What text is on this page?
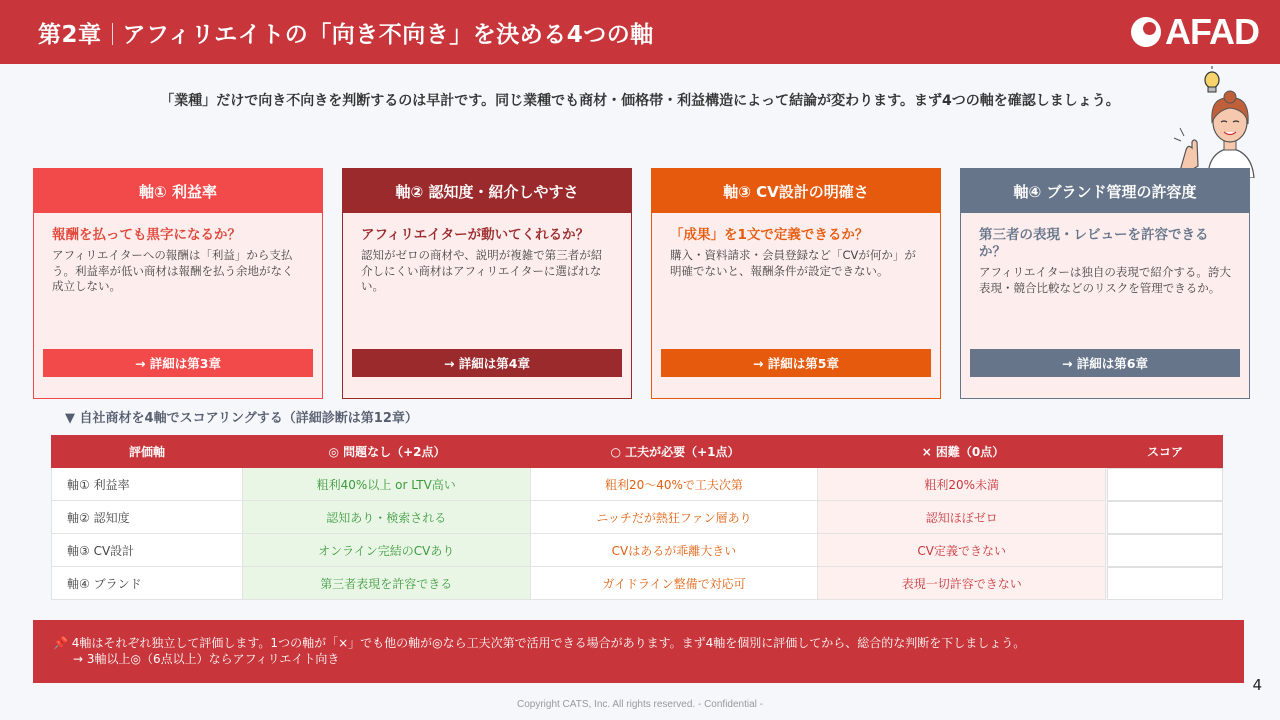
第2章 アフィリエイトの「向き不向き」を決める4つの軸	AFAD
「業種」だけで向き不向きを判断するのは早計です。同じ業種でも商材・価格帯・利益構造によって結論が変わります。まず4つの軸を確認しましょう。
軸① 利益率
報酬を払っても黒字になるか？
アフィリエイターへの報酬は「利益」から支払う。利益率が低い商材は報酬を払う余地がなく成立しない。
→ 詳細は第3章
軸② 認知度・紹介しやすさ
アフィリエイターが動いてくれるか？
認知がゼロの商材や、説明が複雑で第三者が紹介しにくい商材はアフィリエイターに選ばれない。
→ 詳細は第4章
軸③ CV設計の明確さ
「成果」を1文で定義できるか？
購入・資料請求・会員登録など「CVが何か」が明確でないと、報酬条件が設定できない。
→ 詳細は第5章
軸④ ブランド管理の許容度
第三者の表現・レビューを許容できるか？
アフィリエイターは独自の表現で紹介する。誇大表現・競合比較などのリスクを管理できるか。
→ 詳細は第6章
▼ 自社商材を4軸でスコアリングする（詳細診断は第12章）
評価軸	◎ 問題なし（+2点）	○ 工夫が必要（+1点）	× 困難（0点）	スコア
軸① 利益率	粗利40%以上 or LTV高い	粗利20〜40%で工夫次第	粗利20%未満
軸② 認知度	認知あり・検索される	ニッチだが熱狂ファン層あり	認知ほぼゼロ
軸③ CV設計	オンライン完結のCVあり	CVはあるが乖離大きい	CV定義できない
軸④ ブランド	第三者表現を許容できる	ガイドライン整備で対応可	表現一切許容できない
📌 4軸はそれぞれ独立して評価します。1つの軸が「×」でも他の軸が◎なら工夫次第で活用できる場合があります。まず4軸を個別に評価してから、総合的な判断を下しましょう。
→ 3軸以上◎（6点以上）ならアフィリエイト向き
4
Copyright CATS, Inc. All rights reserved. - Confidential -
